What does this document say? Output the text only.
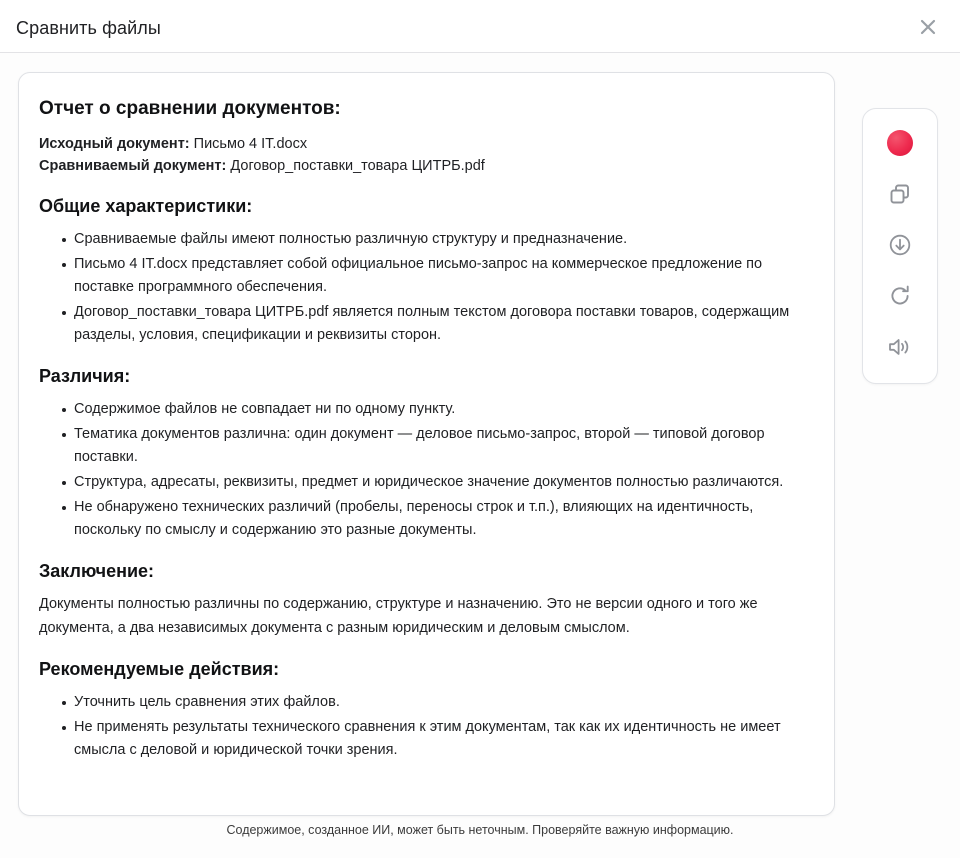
Сравнить файлы
Отчет о сравнении документов:

Исходный документ: Письмо 4 IT.docx

Сравниваемый документ: Договор_поставки_товара ЦИТРБ.pdf

Общие характеристики:
Сравниваемые файлы имеют полностью различную структуру и предназначение.
Письмо 4 IT.docx представляет собой официальное письмо-запрос на коммерческое предложение по поставке программного обеспечения.
Договор_поставки_товара ЦИТРБ.pdf является полным текстом договора поставки товаров, содержащим разделы, условия, спецификации и реквизиты сторон.
Различия:
Содержимое файлов не совпадает ни по одному пункту.
Тематика документов различна: один документ — деловое письмо-запрос, второй — типовой договор поставки.
Структура, адресаты, реквизиты, предмет и юридическое значение документов полностью различаются.
Не обнаружено технических различий (пробелы, переносы строк и т.п.), влияющих на идентичность, поскольку по смыслу и содержанию это разные документы.
Заключение:

Документы полностью различны по содержанию, структуре и назначению. Это не версии одного и того же документа, а два независимых документа с разным юридическим и деловым смыслом.

Рекомендуемые действия:
Уточнить цель сравнения этих файлов.
Не применять результаты технического сравнения к этим документам, так как их идентичность не имеет смысла с деловой и юридической точки зрения.
Содержимое, созданное ИИ, может быть неточным. Проверяйте важную информацию.
